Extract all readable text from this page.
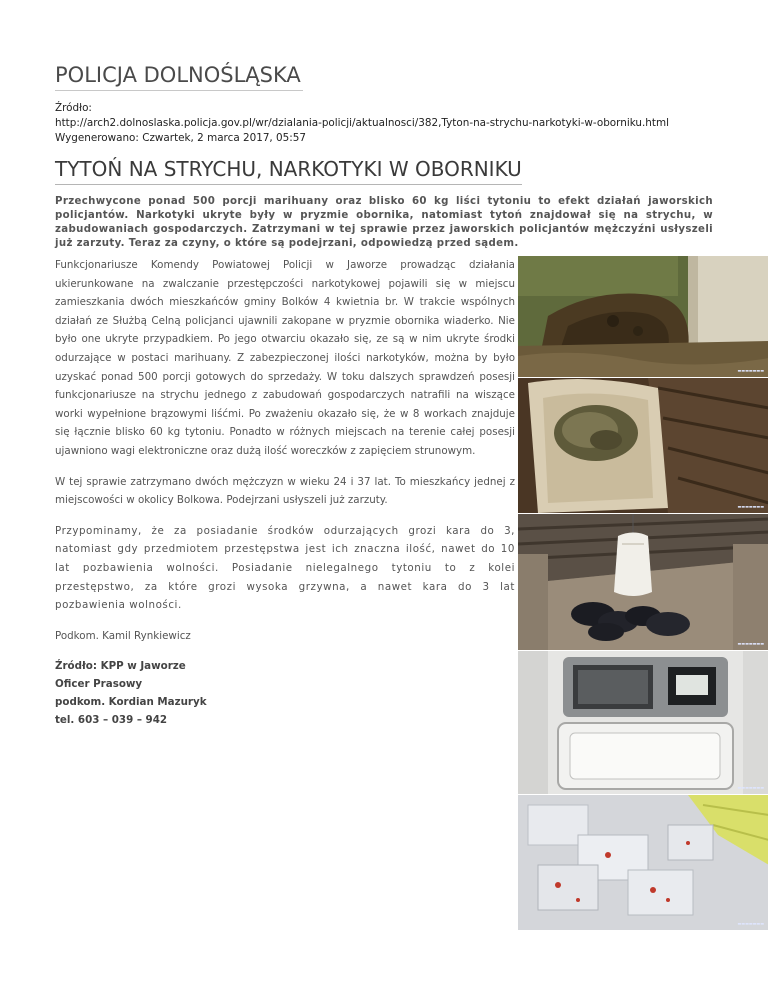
POLICJA DOLNOŚLĄSKA

Źródło:

http://arch2.dolnoslaska.policja.gov.pl/wr/dzialania-policji/aktualnosci/382,Tyton-na-strychu-narkotyki-w-oborniku.html

Wygenerowano: Czwartek, 2 marca 2017, 05:57

TYTOŃ NA STRYCHU, NARKOTYKI W OBORNIKU

Przechwycone ponad 500 porcji marihuany oraz blisko 60 kg liści tytoniu to efekt działań jaworskich policjantów. Narkotyki ukryte były w pryzmie obornika, natomiast tytoń znajdował się na strychu, w zabudowaniach gospodarczych. Zatrzymani w tej sprawie przez jaworskich policjantów mężczyźni usłyszeli już zarzuty. Teraz za czyny, o które są podejrzani, odpowiedzą przed sądem.

Funkcjonariusze Komendy Powiatowej Policji w Jaworze prowadząc działania ukierunkowane na zwalczanie przestępczości narkotykowej pojawili się w miejscu zamieszkania dwóch mieszkańców gminy Bolków 4 kwietnia br. W trakcie wspólnych działań ze Służbą Celną policjanci ujawnili zakopane w pryzmie obornika wiaderko. Nie było one ukryte przypadkiem. Po jego otwarciu okazało się, ze są w nim ukryte środki odurzające w postaci marihuany. Z zabezpieczonej ilości narkotyków, można by było uzyskać ponad 500 porcji gotowych do sprzedaży. W toku dalszych sprawdzeń posesji funkcjonariusze na strychu jednego z zabudowań gospodarczych natrafili na wiszące worki wypełnione brązowymi liśćmi. Po zważeniu okazało się, że w 8 workach znajduje się łącznie blisko 60 kg tytoniu. Ponadto w różnych miejscach na terenie całej posesji ujawniono wagi elektroniczne oraz dużą ilość woreczków z zapięciem strunowym.

W tej sprawie zatrzymano dwóch mężczyzn w wieku 24 i 37 lat. To mieszkańcy jednej z miejscowości w okolicy Bolkowa. Podejrzani usłyszeli już zarzuty.

Przypominamy, że za posiadanie środków odurzających grozi kara do 3, natomiast gdy przedmiotem przestępstwa jest ich znaczna ilość, nawet do 10 lat pozbawienia wolności. Posiadanie nielegalnego tytoniu to z kolei przestępstwo, za które grozi wysoka grzywna, a nawet kara do 3 lat pozbawienia wolności.

Podkom. Kamil Rynkiewicz

Źródło: KPP w Jaworze
Oficer Prasowy
podkom. Kordian Mazuryk
tel. 603 – 039 – 942
▬▬▬▬▬▬▬
▬▬▬▬▬▬▬
▬▬▬▬▬▬▬
▬▬▬▬▬▬▬
▬▬▬▬▬▬▬
